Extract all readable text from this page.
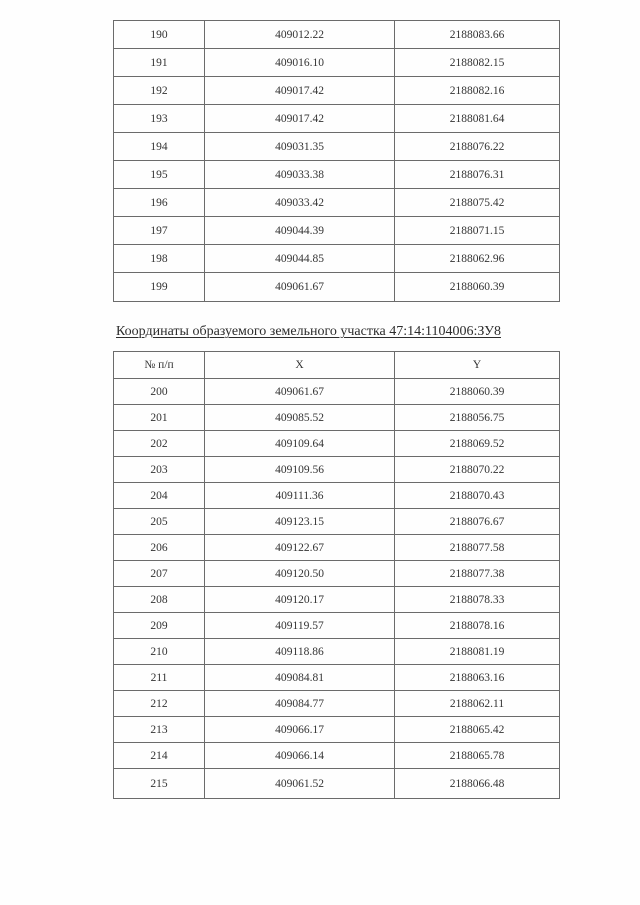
190	409012.22	2188083.66
191	409016.10	2188082.15
192	409017.42	2188082.16
193	409017.42	2188081.64
194	409031.35	2188076.22
195	409033.38	2188076.31
196	409033.42	2188075.42
197	409044.39	2188071.15
198	409044.85	2188062.96
199	409061.67	2188060.39
Координаты образуемого земельного участка 47:14:1104006:ЗУ8
№ п/п	X	Y
200	409061.67	2188060.39
201	409085.52	2188056.75
202	409109.64	2188069.52
203	409109.56	2188070.22
204	409111.36	2188070.43
205	409123.15	2188076.67
206	409122.67	2188077.58
207	409120.50	2188077.38
208	409120.17	2188078.33
209	409119.57	2188078.16
210	409118.86	2188081.19
211	409084.81	2188063.16
212	409084.77	2188062.11
213	409066.17	2188065.42
214	409066.14	2188065.78
215	409061.52	2188066.48
